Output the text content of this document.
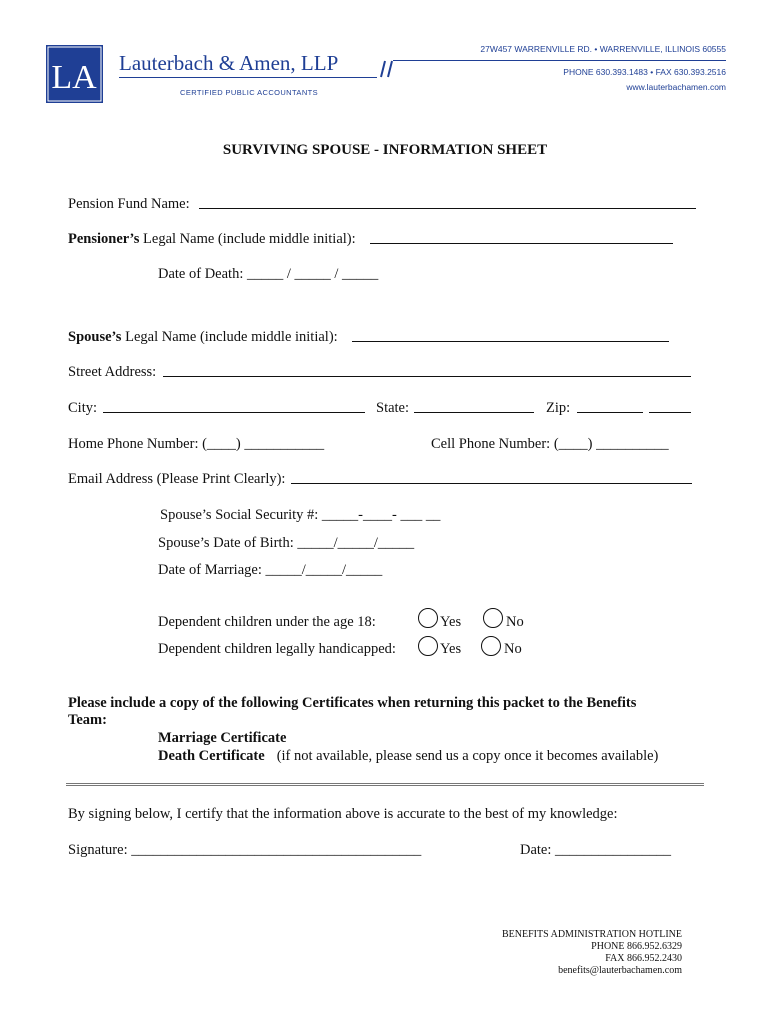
LA Lauterbach & Amen, LLP
CERTIFIED PUBLIC ACCOUNTANTS
27W457 WARRENVILLE RD. • WARRENVILLE, ILLINOIS 60555
PHONE 630.393.1483 • FAX 630.393.2516
www.lauterbachamen.com
SURVIVING SPOUSE - INFORMATION SHEET
Pension Fund Name:
Pensioner’s Legal Name (include middle initial):
Date of Death: _____ / _____ / _____
Spouse’s Legal Name (include middle initial):
Street Address:
City:	State:	Zip:
Home Phone Number: (____) ___________	Cell Phone Number: (____) __________
Email Address (Please Print Clearly):
Spouse’s Social Security #: _____-____- ___ __
Spouse’s Date of Birth: _____/_____/_____
Date of Marriage: _____/_____/_____
Dependent children under the age 18:	Yes	No
Dependent children legally handicapped:	Yes	No
Please include a copy of the following Certificates when returning this packet to the Benefits
Team:
Marriage Certificate
Death Certificate (if not available, please send us a copy once it becomes available)
By signing below, I certify that the information above is accurate to the best of my knowledge:
Signature: ________________________________________	Date: ________________
BENEFITS ADMINISTRATION HOTLINE
PHONE 866.952.6329
FAX 866.952.2430
benefits@lauterbachamen.com
